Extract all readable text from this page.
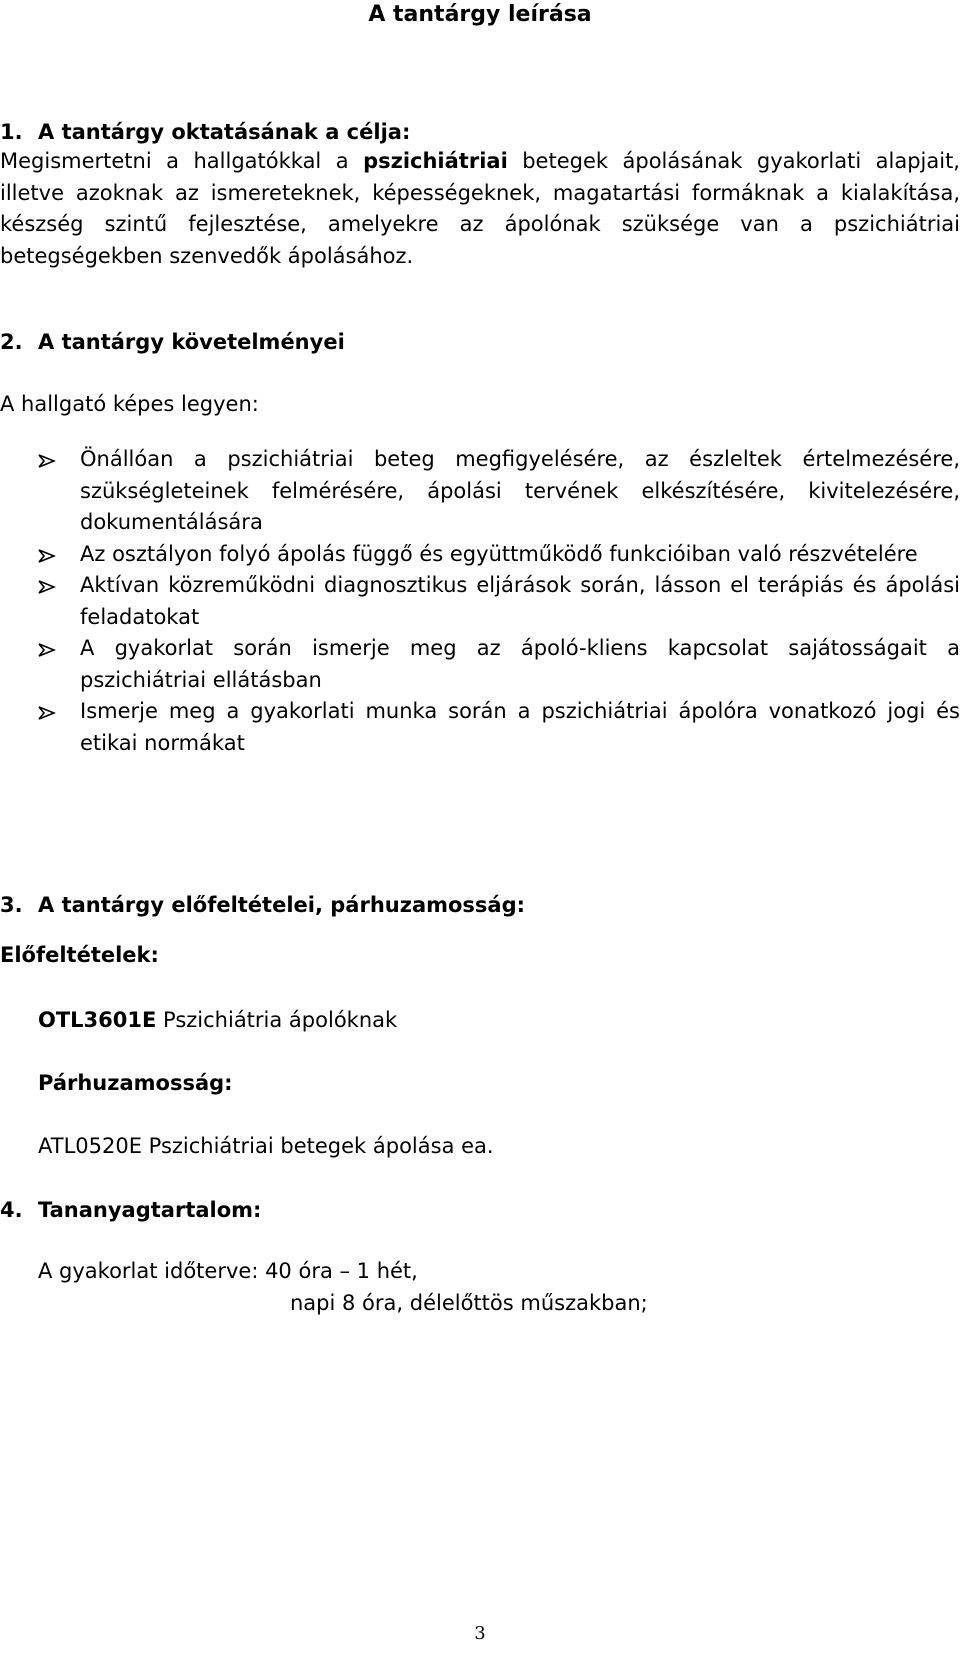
A tantárgy leírása
1. A tantárgy oktatásának a célja:

Megismertetni a hallgatókkal a pszichiátriai betegek ápolásának gyakorlati alapjait, illetve azoknak az ismereteknek, képességeknek, magatartási formáknak a kialakítása, készség szintű fejlesztése, amelyekre az ápolónak szüksége van a pszichiátriai betegségekben szenvedők ápolásához.

2. A tantárgy követelményei
A hallgató képes legyen:
Önállóan a pszichiátriai beteg megfigyelésére, az észleltek értelmezésére, szükségleteinek felmérésére, ápolási tervének elkészítésére, kivitelezésére, dokumentálására
Az osztályon folyó ápolás függő és együttműködő funkcióiban való részvételére
Aktívan közreműködni diagnosztikus eljárások során, lásson el terápiás és ápolási feladatokat
A gyakorlat során ismerje meg az ápoló-kliens kapcsolat sajátosságait a pszichiátriai ellátásban
Ismerje meg a gyakorlati munka során a pszichiátriai ápolóra vonatkozó jogi és etikai normákat
3. A tantárgy előfeltételei, párhuzamosság:
Előfeltételek:
OTL3601E Pszichiátria ápolóknak
Párhuzamosság:
ATL0520E Pszichiátriai betegek ápolása ea.
4. Tananyagtartalom:
A gyakorlat időterve: 40 óra – 1 hét,
napi 8 óra, délelőttös műszakban;
3
